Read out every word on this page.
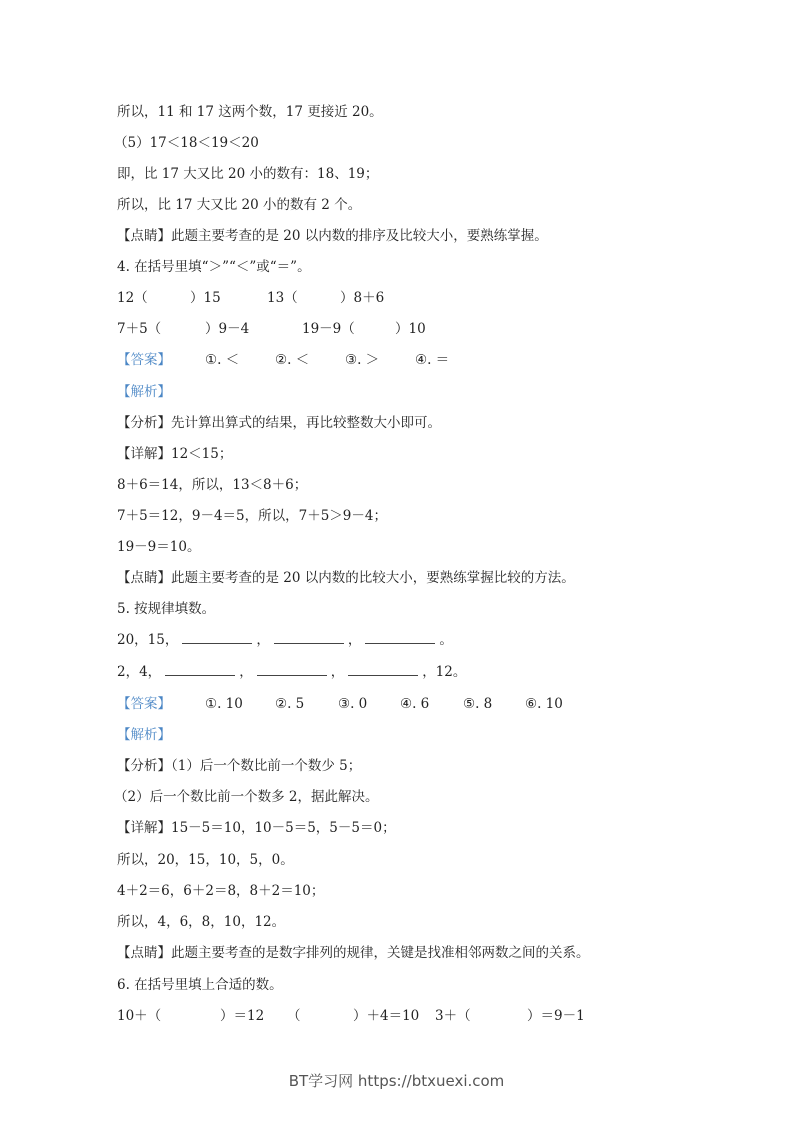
所以，11 和 17 这两个数，17 更接近 20。
（5）17＜18＜19＜20
即，比 17 大又比 20 小的数有：18、19；
所以，比 17 大又比 20 小的数有 2 个。
【点睛】此题主要考查的是 20 以内数的排序及比较大小，要熟练掌握。
4. 在括号里填“＞”“＜”或“＝”。
12（	）15	13（	）8＋6
7＋5（	）9－4	19－9（	）10
【答案】	①. ＜	②. ＜	③. ＞	④. ＝
【解析】
【分析】先计算出算式的结果，再比较整数大小即可。
【详解】12＜15；
8＋6＝14，所以，13＜8＋6；
7＋5＝12，9－4＝5，所以，7＋5＞9－4；
19－9＝10。
【点睛】此题主要考查的是 20 以内数的比较大小，要熟练掌握比较的方法。
5. 按规律填数。
20，15，	，	，	。
2，4，	，	，	，12。
【答案】	①. 10 ②. 5 ③. 0 ④. 6 ⑤. 8 ⑥. 10
【解析】
【分析】（1）后一个数比前一个数少 5；
（2）后一个数比前一个数多 2，据此解决。
【详解】15－5＝10，10－5＝5，5－5＝0；
所以，20，15，10，5，0。
4＋2＝6，6＋2＝8，8＋2＝10；
所以，4，6，8，10，12。
【点睛】此题主要考查的是数字排列的规律，关键是找准相邻两数之间的关系。
6. 在括号里填上合适的数。
10＋（	）＝12 （	）＋4＝10 3＋（	）＝9－1
BT学习网 https://btxuexi.com
